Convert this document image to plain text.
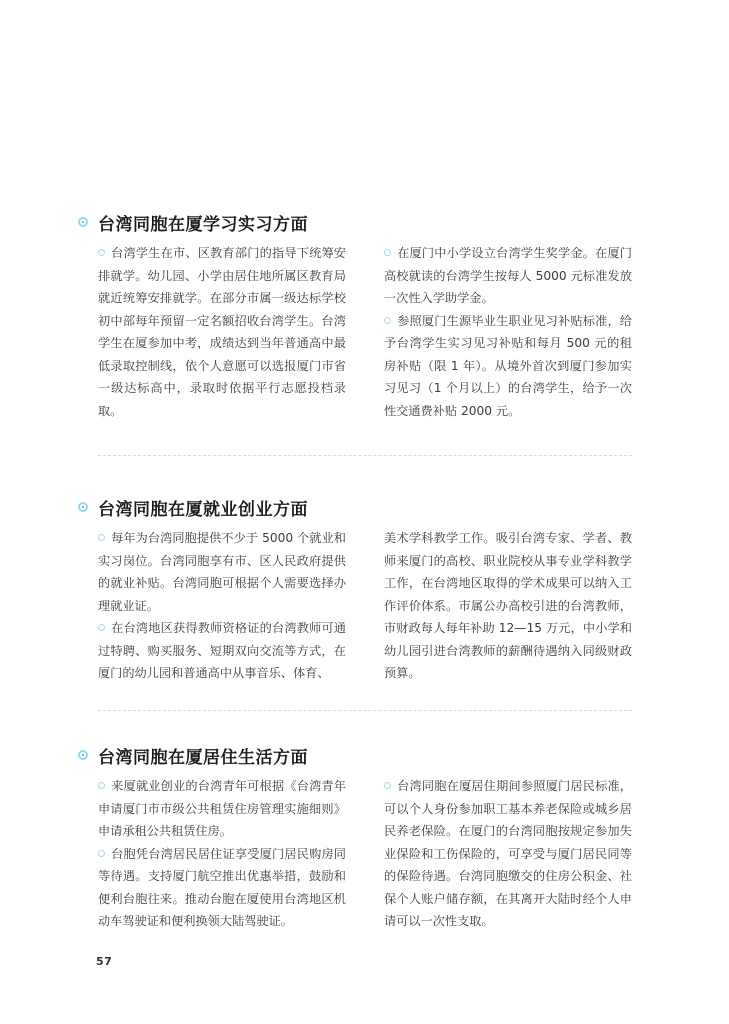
台湾同胞在厦学习实习方面

台湾学生在市、区教育部门的指导下统筹安排就学。幼儿园、小学由居住地所属区教育局就近统筹安排就学。在部分市属一级达标学校初中部每年预留一定名额招收台湾学生。台湾学生在厦参加中考，成绩达到当年普通高中最低录取控制线，依个人意愿可以选报厦门市省一级达标高中，录取时依据平行志愿投档录取。

在厦门中小学设立台湾学生奖学金。在厦门高校就读的台湾学生按每人 5000 元标准发放一次性入学助学金。

参照厦门生源毕业生职业见习补贴标准，给予台湾学生实习见习补贴和每月 500 元的租房补贴（限 1 年）。从境外首次到厦门参加实习见习（1 个月以上）的台湾学生，给予一次性交通费补贴 2000 元。

台湾同胞在厦就业创业方面

每年为台湾同胞提供不少于 5000 个就业和实习岗位。台湾同胞享有市、区人民政府提供的就业补贴。台湾同胞可根据个人需要选择办理就业证。

在台湾地区获得教师资格证的台湾教师可通过特聘、购买服务、短期双向交流等方式，在厦门的幼儿园和普通高中从事音乐、体育、

美术学科教学工作。吸引台湾专家、学者、教师来厦门的高校、职业院校从事专业学科教学工作，在台湾地区取得的学术成果可以纳入工作评价体系。市属公办高校引进的台湾教师，市财政每人每年补助 12—15 万元，中小学和幼儿园引进台湾教师的薪酬待遇纳入同级财政预算。

台湾同胞在厦居住生活方面

来厦就业创业的台湾青年可根据《台湾青年申请厦门市市级公共租赁住房管理实施细则》申请承租公共租赁住房。

台胞凭台湾居民居住证享受厦门居民购房同等待遇。支持厦门航空推出优惠举措，鼓励和便利台胞往来。推动台胞在厦使用台湾地区机动车驾驶证和便利换领大陆驾驶证。

台湾同胞在厦居住期间参照厦门居民标准，可以个人身份参加职工基本养老保险或城乡居民养老保险。在厦门的台湾同胞按规定参加失业保险和工伤保险的，可享受与厦门居民同等的保险待遇。台湾同胞缴交的住房公积金、社保个人账户储存额，在其离开大陆时经个人申请可以一次性支取。

57
